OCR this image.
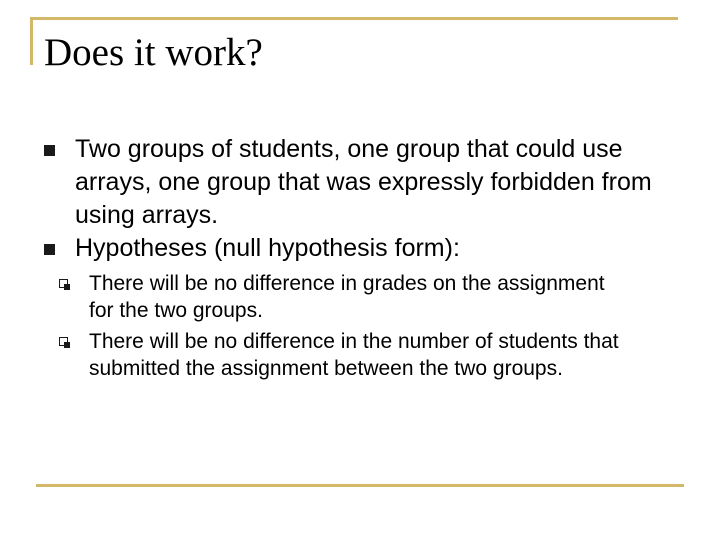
Does it work?
Two groups of students, one group that could use arrays, one group that was expressly forbidden from using arrays.
Hypotheses (null hypothesis form):
There will be no difference in grades on the assignment for the two groups.
There will be no difference in the number of students that submitted the assignment between the two groups.
